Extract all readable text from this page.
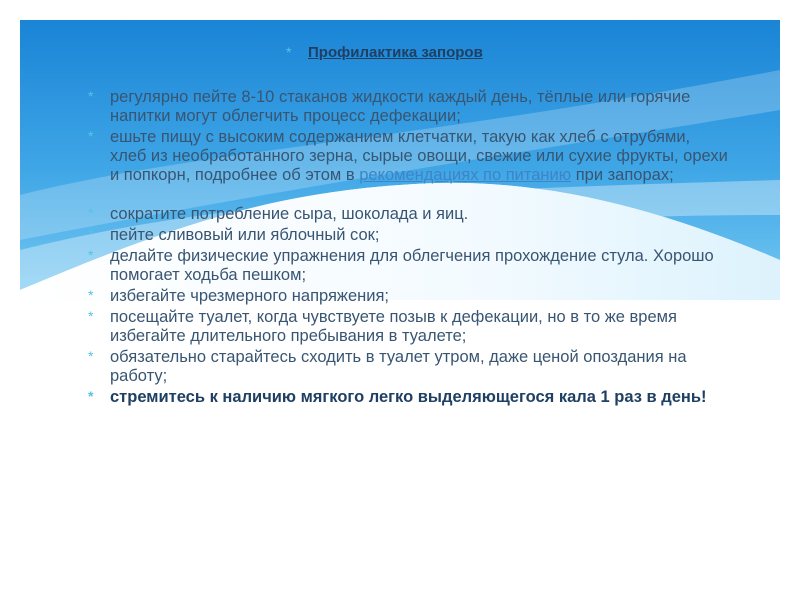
*	Профилактика запоров
* регулярно пейте 8-10 стаканов жидкости каждый день, тёплые или горячие напитки могут облегчить процесс дефекации;
* ешьте пищу с высоким содержанием клетчатки, такую как хлеб с отрубями, хлеб из необработанного зерна, сырые овощи, свежие или сухие фрукты, орехи и попкорн, подробнее об этом в рекомендациях по питанию при запорах;
* сократите потребление сыра, шоколада и яиц.
* пейте сливовый или яблочный сок;
* делайте физические упражнения для облегчения прохождение стула. Хорошо помогает ходьба пешком;
* избегайте чрезмерного напряжения;
* посещайте туалет, когда чувствуете позыв к дефекации, но в то же время избегайте длительного пребывания в туалете;
* обязательно старайтесь сходить в туалет утром, даже ценой опоздания на работу;
* стремитесь к наличию мягкого легко выделяющегося кала 1 раз в день!
